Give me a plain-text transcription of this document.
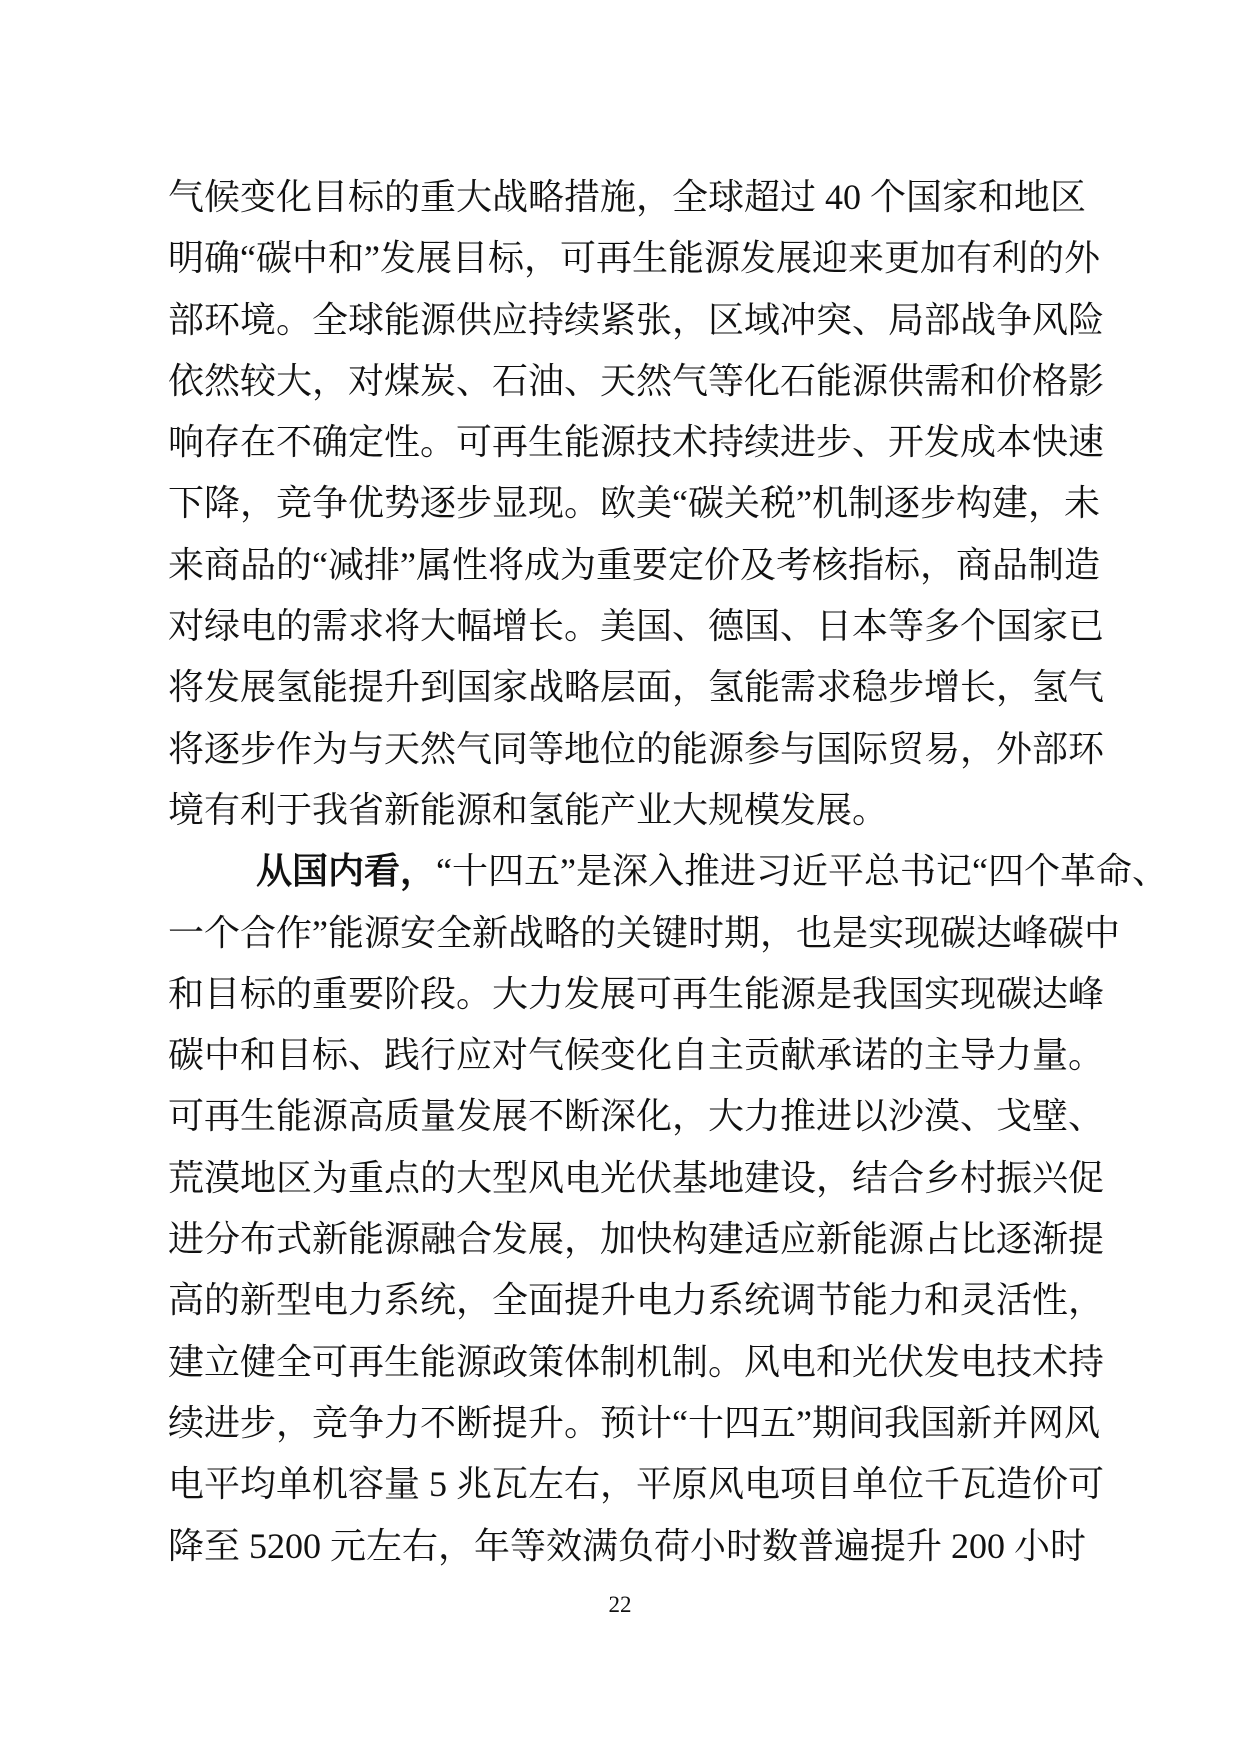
气候变化目标的重大战略措施，全球超过 40 个国家和地区
明确“碳中和”发展目标，可再生能源发展迎来更加有利的外
部环境。全球能源供应持续紧张，区域冲突、局部战争风险
依然较大，对煤炭、石油、天然气等化石能源供需和价格影
响存在不确定性。可再生能源技术持续进步、开发成本快速
下降，竞争优势逐步显现。欧美“碳关税”机制逐步构建，未
来商品的“减排”属性将成为重要定价及考核指标，商品制造
对绿电的需求将大幅增长。美国、德国、日本等多个国家已
将发展氢能提升到国家战略层面，氢能需求稳步增长，氢气
将逐步作为与天然气同等地位的能源参与国际贸易，外部环
境有利于我省新能源和氢能产业大规模发展。
从国内看，“十四五”是深入推进习近平总书记“四个革命、
一个合作”能源安全新战略的关键时期，也是实现碳达峰碳中
和目标的重要阶段。大力发展可再生能源是我国实现碳达峰
碳中和目标、践行应对气候变化自主贡献承诺的主导力量。
可再生能源高质量发展不断深化，大力推进以沙漠、戈壁、
荒漠地区为重点的大型风电光伏基地建设，结合乡村振兴促
进分布式新能源融合发展，加快构建适应新能源占比逐渐提
高的新型电力系统，全面提升电力系统调节能力和灵活性，
建立健全可再生能源政策体制机制。风电和光伏发电技术持
续进步，竞争力不断提升。预计“十四五”期间我国新并网风
电平均单机容量 5 兆瓦左右，平原风电项目单位千瓦造价可
降至 5200 元左右，年等效满负荷小时数普遍提升 200 小时
22
